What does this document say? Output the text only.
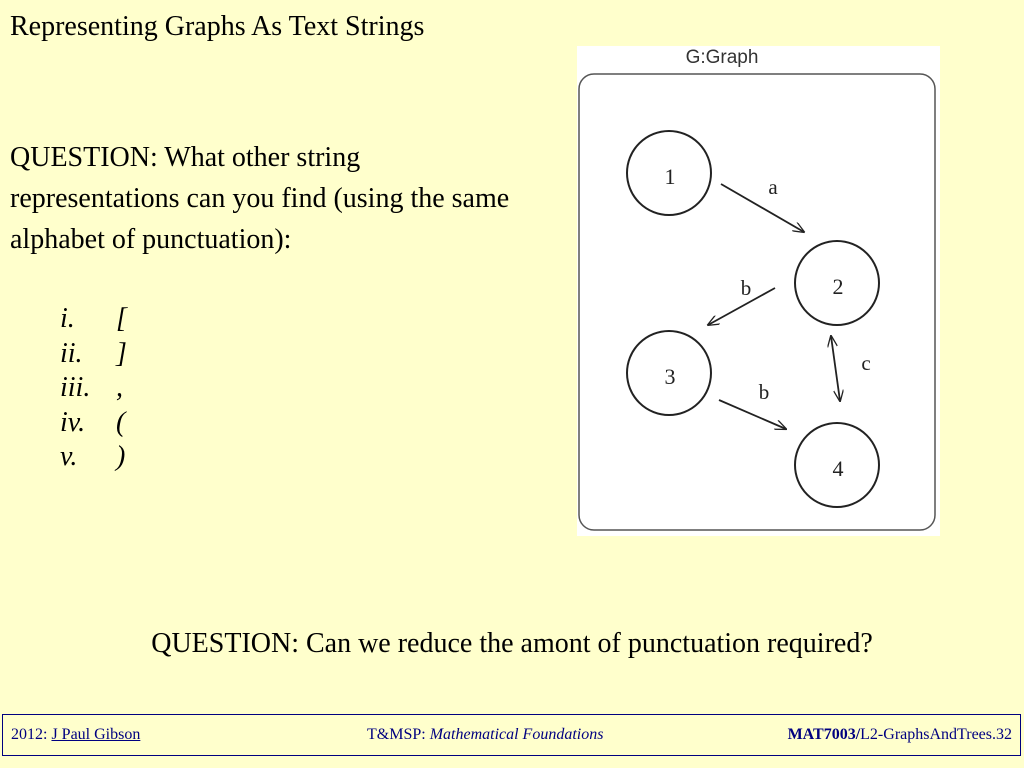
Representing Graphs As Text Strings
QUESTION: What other string representations can you find (using the same alphabet of punctuation):
i.	[
ii.	]
iii. ,
iv.	(
v.	)
G:Graph
1
2
3
4
a
b
b
c
QUESTION: Can we reduce the amont of punctuation required?
2012: J Paul Gibson	T&MSP: Mathematical Foundations	MAT7003/L2-GraphsAndTrees.32
